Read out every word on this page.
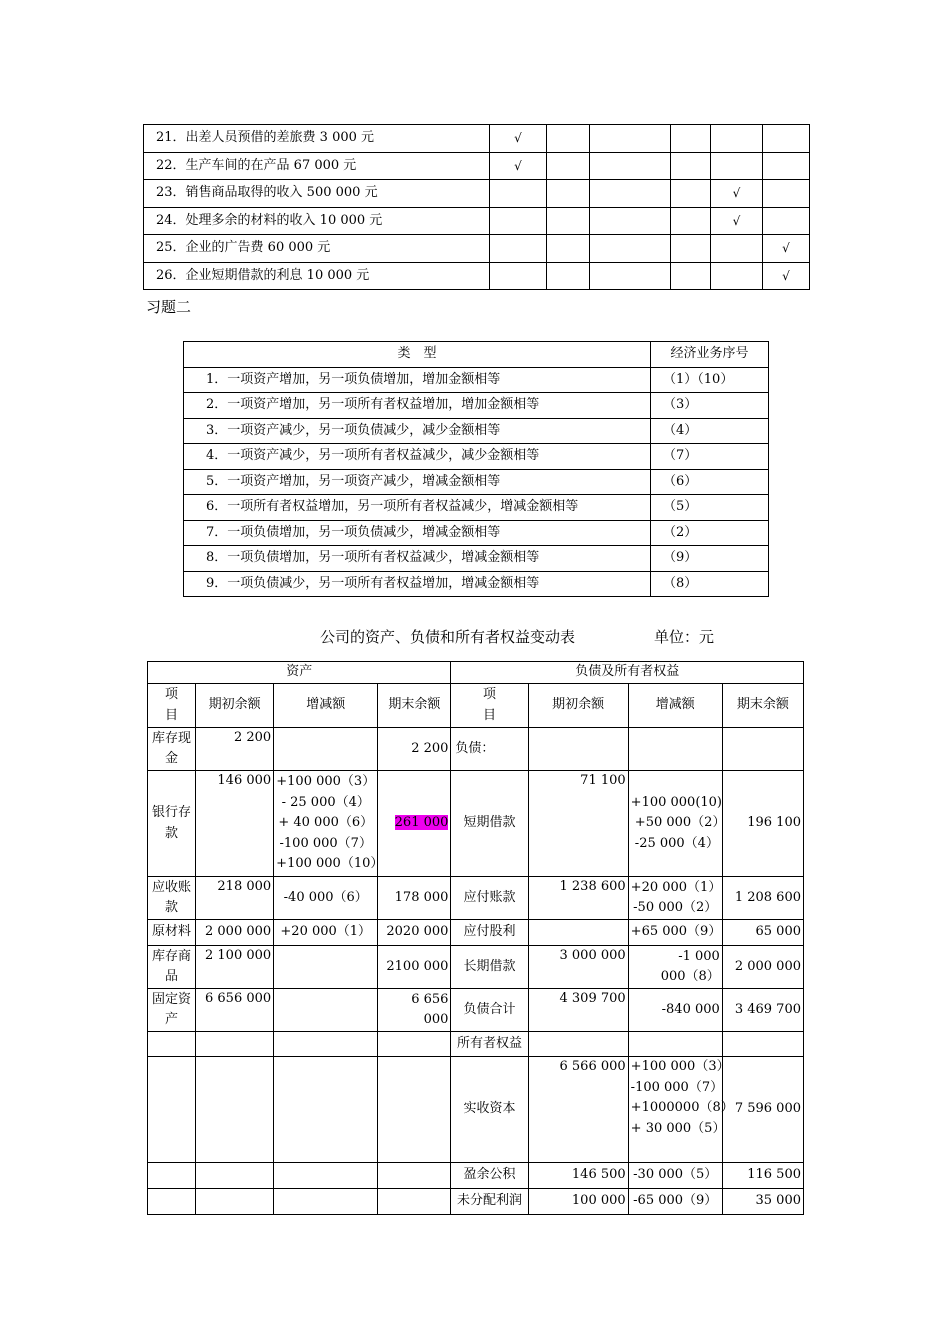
21．出差人员预借的差旅费 3 000 元	√						
22．生产车间的在产品 67 000 元	√						
23．销售商品取得的收入 500 000 元					√		
24．处理多余的材料的收入 10 000 元					√		
25．企业的广告费 60 000 元						√	
26．企业短期借款的利息 10 000 元						√	
习题二
类　型	经济业务序号
1．一项资产增加，另一项负债增加，增加金额相等	（1）（10）
2．一项资产增加，另一项所有者权益增加，增加金额相等	（3）
3．一项资产减少，另一项负债减少，减少金额相等	（4）
4．一项资产减少，另一项所有者权益减少，减少金额相等	（7）
5．一项资产增加，另一项资产减少，增减金额相等	（6）
6．一项所有者权益增加，另一项所有者权益减少，增减金额相等	（5）
7．一项负债增加，另一项负债减少，增减金额相等	（2）
8．一项负债增加，另一项所有者权益减少，增减金额相等	（9）
9．一项负债减少，另一项所有者权益增加，增减金额相等	（8）
公司的资产、负债和所有者权益变动表	单位：元
资产				负债及所有者权益			
项
目	期初余额	增减额	期末余额	项
目	期初余额	增减额	期末余额
库存现
金	2 200		2 200	负债：			
银行存
款	146 000	+100 000（3）
- 25 000（4）
+ 40 000（6）
-100 000（7）
+100 000（10）	261 000	短期借款	71 100	+100 000(10)
+50 000（2）
-25 000（4）	196 100
应收账
款	218 000	-40 000（6）	178 000	应付账款	1 238 600	+20 000（1）
-50 000（2）	1 208 600
原材料	2 000 000	+20 000（1）	2020 000	应付股利		+65 000（9）	65 000
库存商
品	2 100 000		2100 000	长期借款	3 000 000	-1 000
000（8）	2 000 000
固定资
产	6 656 000		6 656
000	负债合计	4 309 700	-840 000	3 469 700
				所有者权益			
				实收资本	6 566 000	+100 000（3）
-100 000（7）
+1000000（8）
+ 30 000（5）	7 596 000
				盈余公积	146 500	-30 000（5）	116 500
				未分配利润	100 000	-65 000（9）	35 000
